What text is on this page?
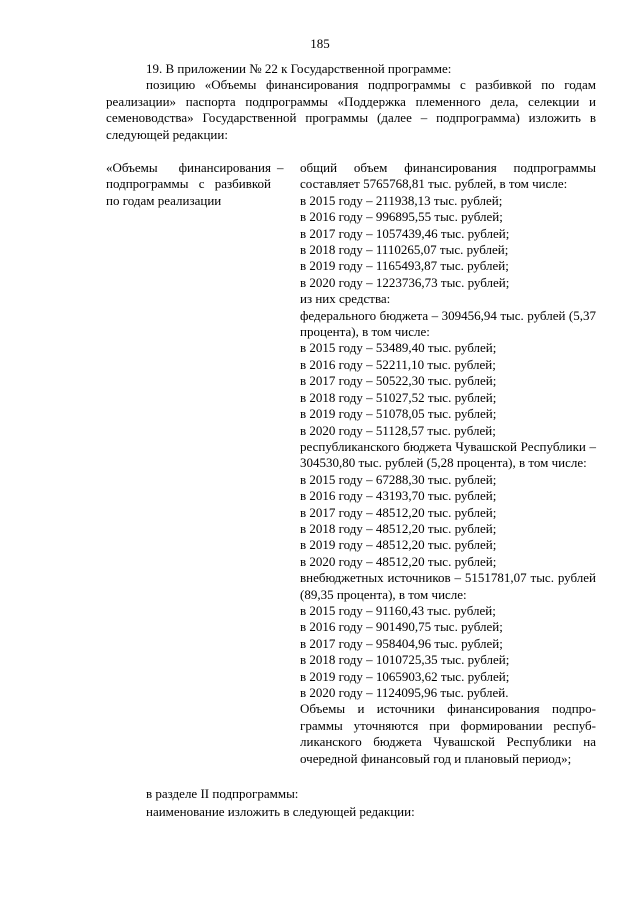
185

19. В приложении № 22 к Государственной программе:

позицию «Объемы финансирования подпрограммы с разбивкой по годам реализации» паспорта подпрограммы «Поддержка племенного дела, селекции и семеноводства» Государственной программы (далее – подпрограмма) изложить в следующей редакции:

«Объемы финансирования подпрограммы с разбивкой по годам реализации
– общий объем финансирования подпрограммы составляет 5765768,81 тыс. рублей, в том числе:
в 2015 году – 211938,13 тыс. рублей;
в 2016 году – 996895,55 тыс. рублей;
в 2017 году – 1057439,46 тыс. рублей;
в 2018 году – 1110265,07 тыс. рублей;
в 2019 году – 1165493,87 тыс. рублей;
в 2020 году – 1223736,73 тыс. рублей;
из них средства:
федерального бюджета – 309456,94 тыс. рублей (5,37 процента), в том числе:
в 2015 году – 53489,40 тыс. рублей;
в 2016 году – 52211,10 тыс. рублей;
в 2017 году – 50522,30 тыс. рублей;
в 2018 году – 51027,52 тыс. рублей;
в 2019 году – 51078,05 тыс. рублей;
в 2020 году – 51128,57 тыс. рублей;
республиканского бюджета Чувашской Республики – 304530,80 тыс. рублей (5,28 процента), в том числе:
в 2015 году – 67288,30 тыс. рублей;
в 2016 году – 43193,70 тыс. рублей;
в 2017 году – 48512,20 тыс. рублей;
в 2018 году – 48512,20 тыс. рублей;
в 2019 году – 48512,20 тыс. рублей;
в 2020 году – 48512,20 тыс. рублей;
внебюджетных источников – 5151781,07 тыс. рублей (89,35 процента), в том числе:
в 2015 году – 91160,43 тыс. рублей;
в 2016 году – 901490,75 тыс. рублей;
в 2017 году – 958404,96 тыс. рублей;
в 2018 году – 1010725,35 тыс. рублей;
в 2019 году – 1065903,62 тыс. рублей;
в 2020 году – 1124095,96 тыс. рублей.
Объемы и источники финансирования подпрограммы уточняются при формировании республиканского бюджета Чувашской Республики на очередной финансовый год и плановый период»;
в разделе II подпрограммы:
наименование изложить в следующей редакции:
